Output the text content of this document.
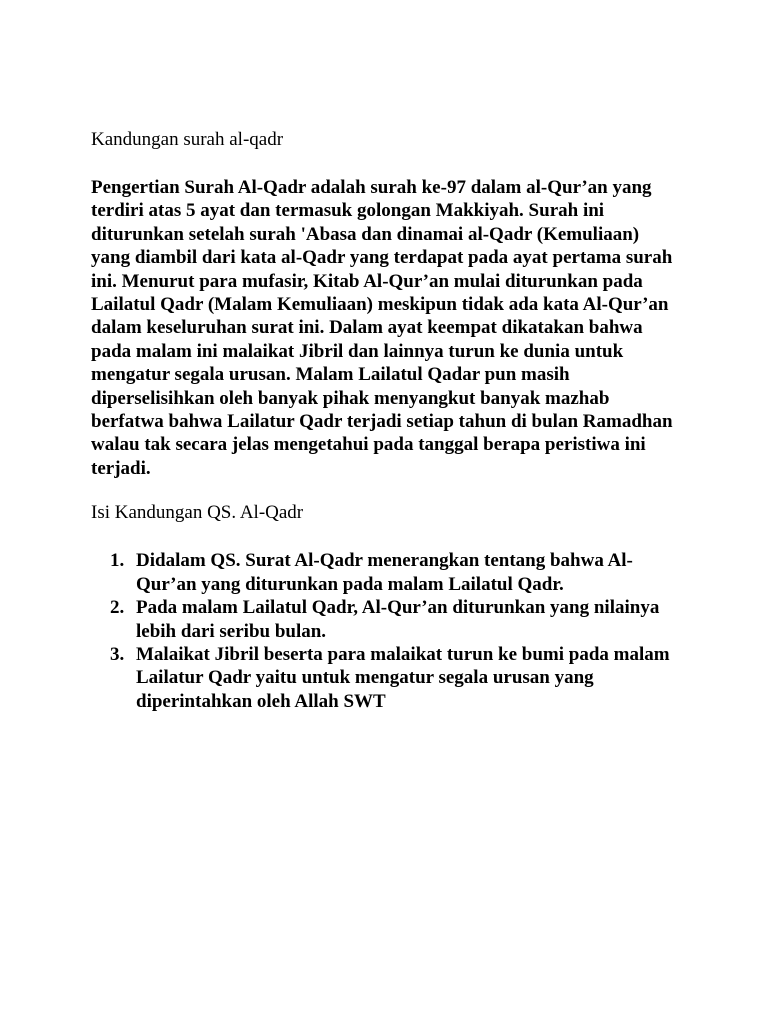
Kandungan surah al-qadr
Pengertian Surah Al-Qadr adalah surah ke-97 dalam al-Qur’an yang terdiri atas 5 ayat dan termasuk golongan Makkiyah. Surah ini diturunkan setelah surah 'Abasa dan dinamai al-Qadr (Kemuliaan) yang diambil dari kata al-Qadr yang terdapat pada ayat pertama surah ini. Menurut para mufasir, Kitab Al-Qur’an mulai diturunkan pada Lailatul Qadr (Malam Kemuliaan) meskipun tidak ada kata Al-Qur’an dalam keseluruhan surat ini. Dalam ayat keempat dikatakan bahwa pada malam ini malaikat Jibril dan lainnya turun ke dunia untuk mengatur segala urusan. Malam Lailatul Qadar pun masih diperselisihkan oleh banyak pihak menyangkut banyak mazhab berfatwa bahwa Lailatur Qadr terjadi setiap tahun di bulan Ramadhan walau tak secara jelas mengetahui pada tanggal berapa peristiwa ini terjadi.
Isi Kandungan QS. Al-Qadr
1. Didalam QS. Surat Al-Qadr menerangkan tentang bahwa Al-Qur’an yang diturunkan pada malam Lailatul Qadr.
2. Pada malam Lailatul Qadr, Al-Qur’an diturunkan yang nilainya lebih dari seribu bulan.
3. Malaikat Jibril beserta para malaikat turun ke bumi pada malam Lailatur Qadr yaitu untuk mengatur segala urusan yang diperintahkan oleh Allah SWT
